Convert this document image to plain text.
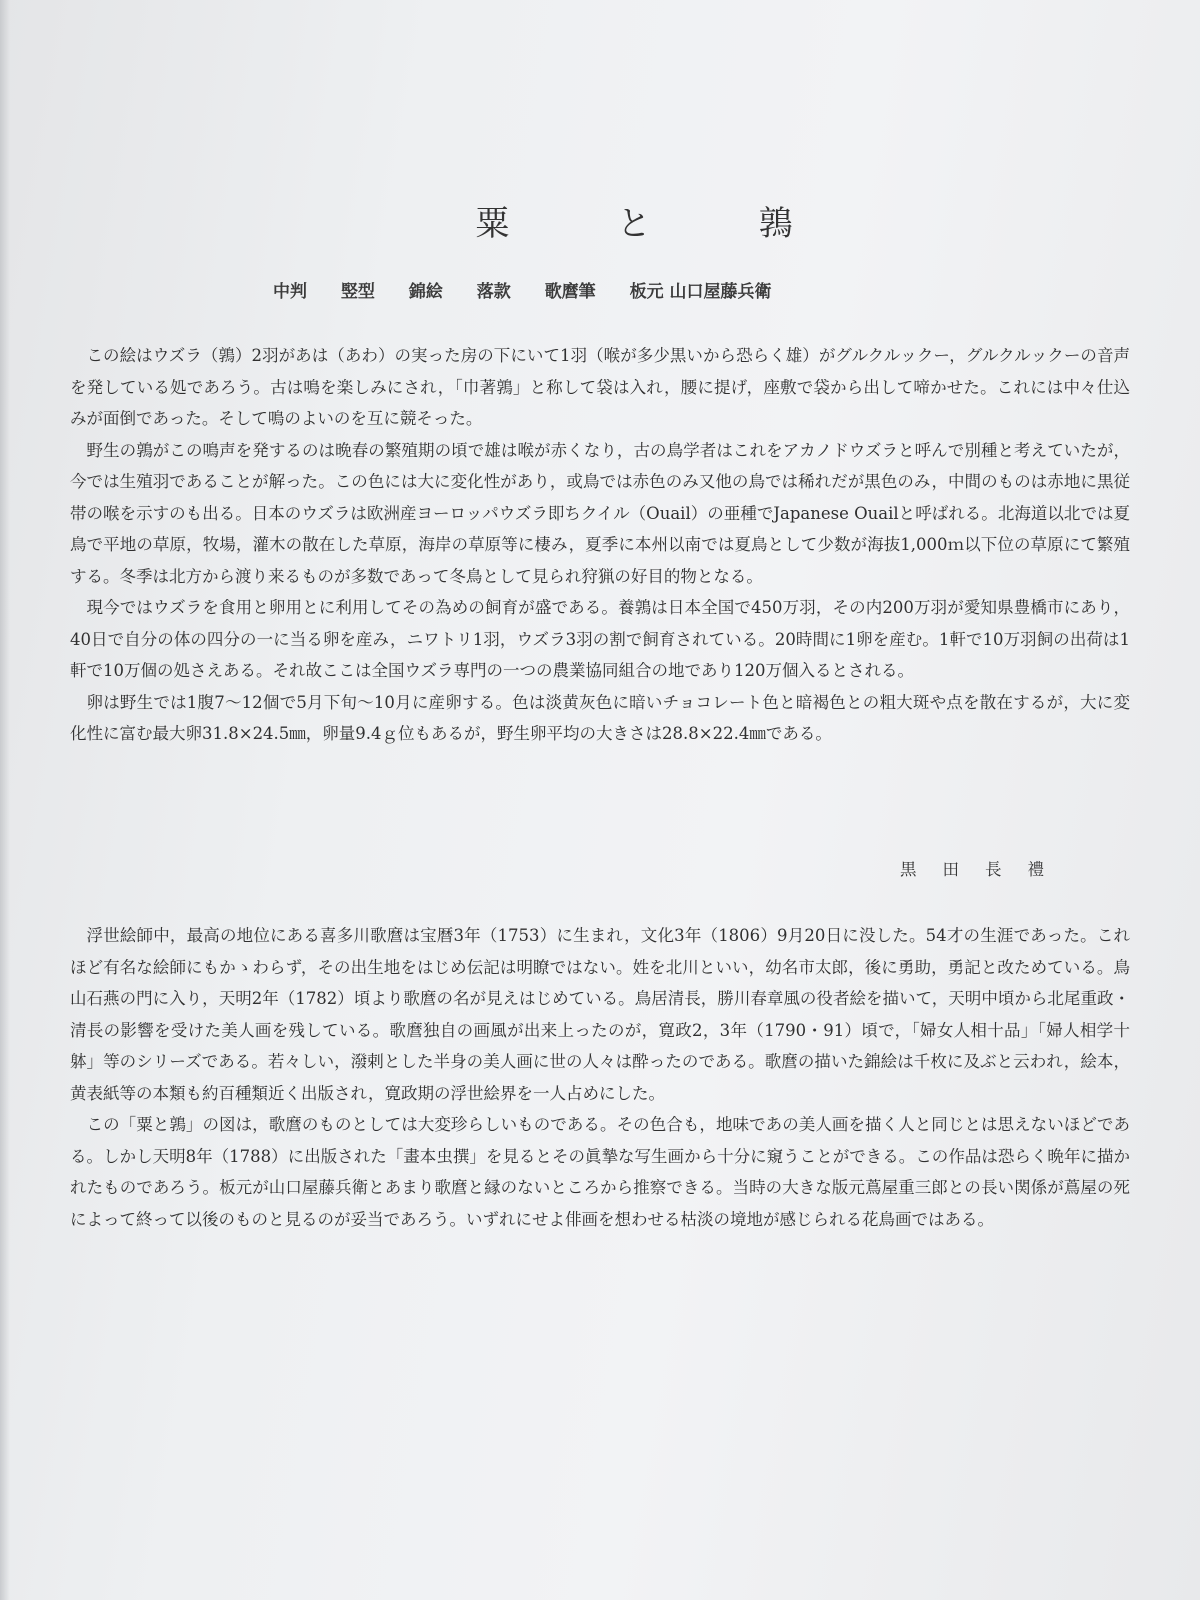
粟	と	鶉
中判 竪型 錦絵 落款 歌麿筆 板元 山口屋藤兵衛

この絵はウズラ（鶉）2羽があは（あわ）の実った房の下にいて1羽（喉が多少黒いから恐らく雄）がグルクルックー，グルクルックーの音声を発している処であろう。古は鳴を楽しみにされ，「巾著鶉」と称して袋は入れ，腰に提げ，座敷で袋から出して啼かせた。これには中々仕込みが面倒であった。そして鳴のよいのを互に競そった。

野生の鶉がこの鳴声を発するのは晩春の繁殖期の頃で雄は喉が赤くなり，古の鳥学者はこれをアカノドウズラと呼んで別種と考えていたが，今では生殖羽であることが解った。この色には大に変化性があり，或鳥では赤色のみ又他の鳥では稀れだが黒色のみ，中間のものは赤地に黒従帯の喉を示すのも出る。日本のウズラは欧洲産ヨーロッパウズラ即ちクイル（Ouail）の亜種でJapanese Ouailと呼ばれる。北海道以北では夏鳥で平地の草原，牧場，灌木の散在した草原，海岸の草原等に棲み，夏季に本州以南では夏鳥として少数が海抜1,000ｍ以下位の草原にて繁殖する。冬季は北方から渡り来るものが多数であって冬鳥として見られ狩猟の好目的物となる。

現今ではウズラを食用と卵用とに利用してその為めの飼育が盛である。養鶉は日本全国で450万羽，その内200万羽が愛知県豊橋市にあり，40日で自分の体の四分の一に当る卵を産み，ニワトリ1羽，ウズラ3羽の割で飼育されている。20時間に1卵を産む。1軒で10万羽飼の出荷は1軒で10万個の処さえある。それ故ここは全国ウズラ専門の一つの農業協同組合の地であり120万個入るとされる。

卵は野生では1腹7〜12個で5月下旬〜10月に産卵する。色は淡黄灰色に暗いチョコレート色と暗褐色との粗大斑や点を散在するが，大に変化性に富む最大卵31.8×24.5㎜，卵量9.4ｇ位もあるが，野生卵平均の大きさは28.8×22.4㎜である。

黒田長禮

浮世絵師中，最高の地位にある喜多川歌麿は宝暦3年（1753）に生まれ，文化3年（1806）9月20日に没した。54才の生涯であった。これほど有名な絵師にもかゝわらず，その出生地をはじめ伝記は明瞭ではない。姓を北川といい，幼名市太郎，後に勇助，勇記と改ためている。鳥山石燕の門に入り，天明2年（1782）頃より歌麿の名が見えはじめている。鳥居清長，勝川春章風の役者絵を描いて，天明中頃から北尾重政・清長の影響を受けた美人画を残している。歌麿独自の画風が出来上ったのが，寛政2，3年（1790・91）頃で，「婦女人相十品」「婦人相学十躰」等のシリーズである。若々しい，潑剌とした半身の美人画に世の人々は酔ったのである。歌麿の描いた錦絵は千枚に及ぶと云われ，絵本，黄表紙等の本類も約百種類近く出版され，寛政期の浮世絵界を一人占めにした。

この「粟と鶉」の図は，歌麿のものとしては大変珍らしいものである。その色合も，地味であの美人画を描く人と同じとは思えないほどである。しかし天明8年（1788）に出版された「畫本虫撰」を見るとその眞摯な写生画から十分に窺うことができる。この作品は恐らく晩年に描かれたものであろう。板元が山口屋藤兵衛とあまり歌麿と縁のないところから推察できる。当時の大きな版元蔦屋重三郎との長い関係が蔦屋の死によって終って以後のものと見るのが妥当であろう。いずれにせよ俳画を想わせる枯淡の境地が感じられる花鳥画ではある。
